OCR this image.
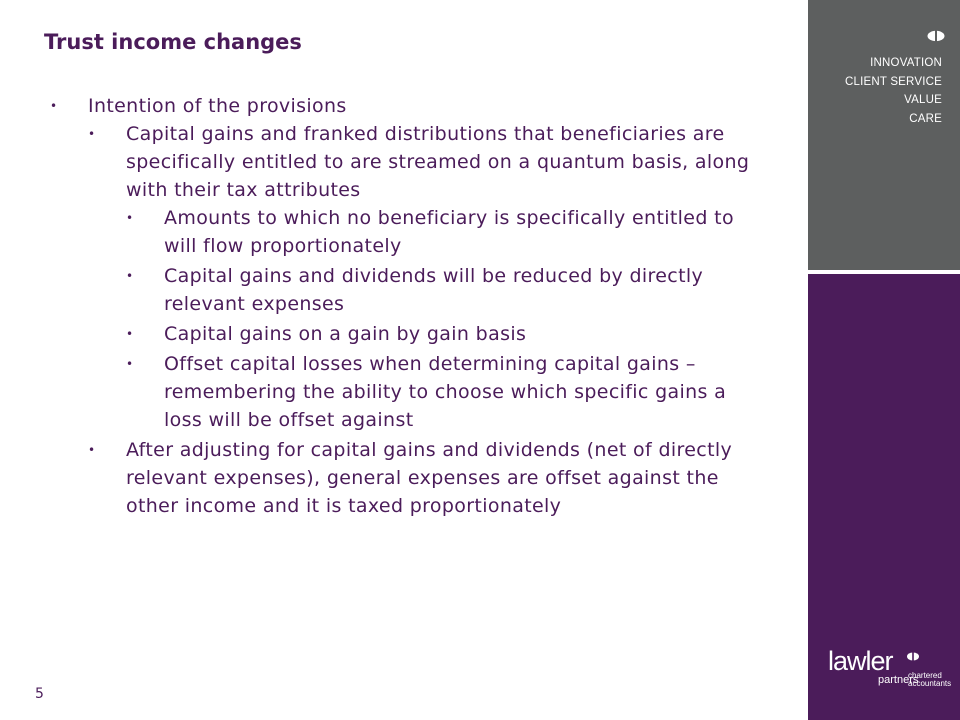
Trust income changes
• Intention of the provisions
• Capital gains and franked distributions that beneficiaries are specifically entitled to are streamed on a quantum basis, along with their tax attributes
• Amounts to which no beneficiary is specifically entitled to will flow proportionately
• Capital gains and dividends will be reduced by directly relevant expenses
• Capital gains on a gain by gain basis
• Offset capital losses when determining capital gains – remembering the ability to choose which specific gains a loss will be offset against
• After adjusting for capital gains and dividends (net of directly relevant expenses), general expenses are offset against the other income and it is taxed proportionately
5
INNOVATION
CLIENT SERVICE
VALUE
CARE
lawler
partners
chartered
accountants
